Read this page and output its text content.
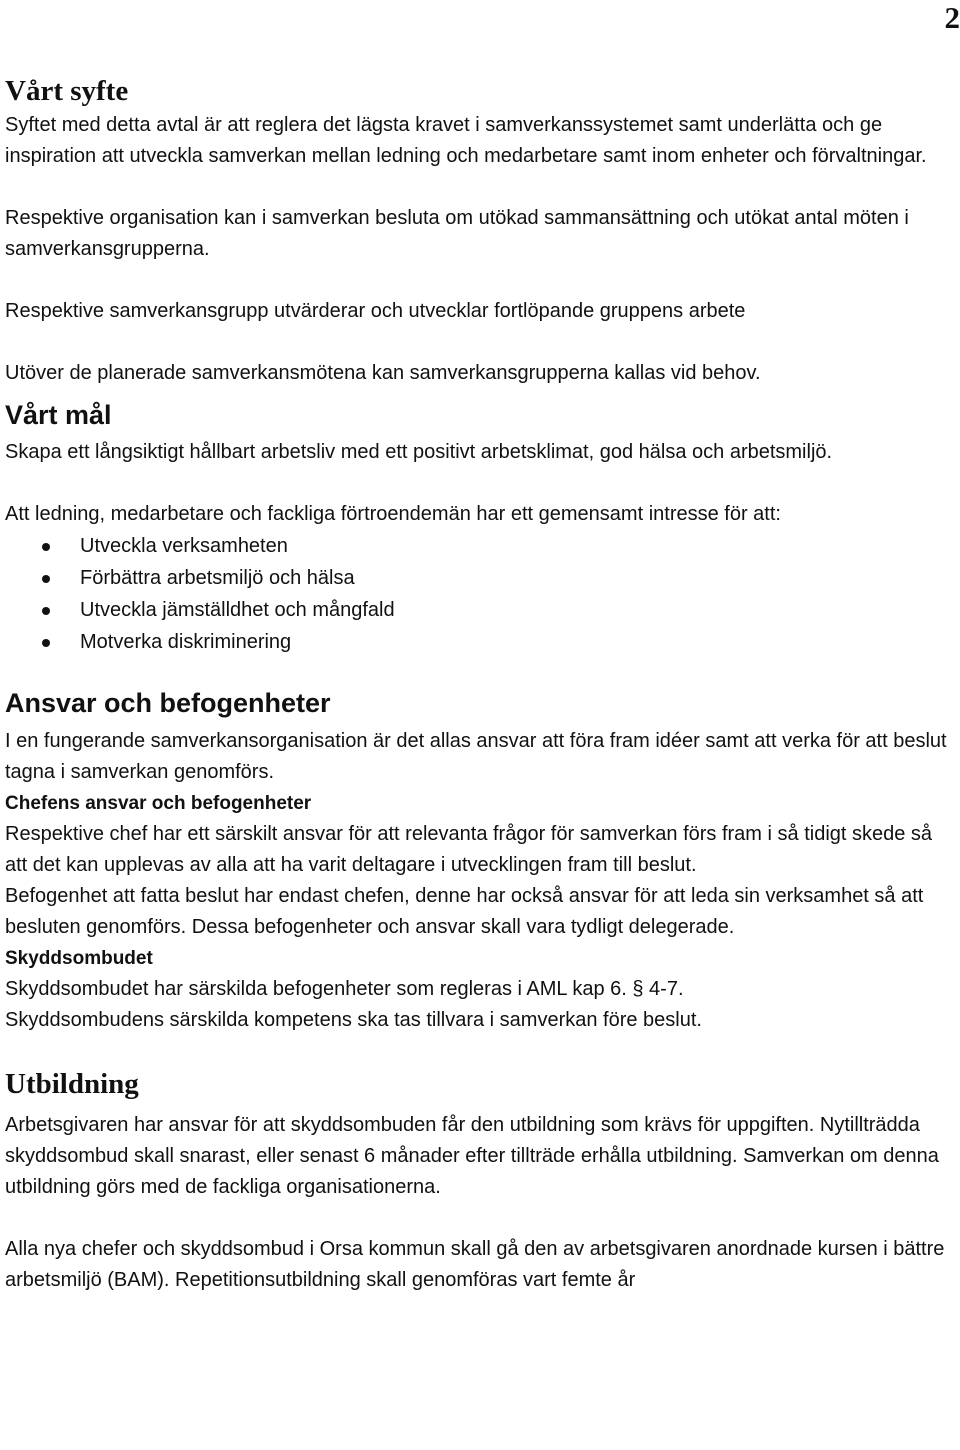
2
Vårt syfte

Syftet med detta avtal är att reglera det lägsta kravet i samverkanssystemet samt underlätta och ge inspiration att utveckla samverkan mellan ledning och medarbetare samt inom enheter och förvaltningar.

Respektive organisation kan i samverkan besluta om utökad sammansättning och utökat antal möten i samverkansgrupperna.

Respektive samverkansgrupp utvärderar och utvecklar fortlöpande gruppens arbete

Utöver de planerade samverkansmötena kan samverkansgrupperna kallas vid behov.

Vårt mål

Skapa ett långsiktigt hållbart arbetsliv med ett positivt arbetsklimat, god hälsa och arbetsmiljö.

Att ledning, medarbetare och fackliga förtroendemän har ett gemensamt intresse för att:

Utveckla verksamheten
Förbättra arbetsmiljö och hälsa
Utveckla jämställdhet och mångfald
Motverka diskriminering
Ansvar och befogenheter

I en fungerande samverkansorganisation är det allas ansvar att föra fram idéer samt att verka för att beslut tagna i samverkan genomförs.

Chefens ansvar och befogenheter

Respektive chef har ett särskilt ansvar för att relevanta frågor för samverkan förs fram i så tidigt skede så att det kan upplevas av alla att ha varit deltagare i utvecklingen fram till beslut.

Befogenhet att fatta beslut har endast chefen, denne har också ansvar för att leda sin verksamhet så att besluten genomförs. Dessa befogenheter och ansvar skall vara tydligt delegerade.

Skyddsombudet

Skyddsombudet har särskilda befogenheter som regleras i AML kap 6. § 4-7.

Skyddsombudens särskilda kompetens ska tas tillvara i samverkan före beslut.

Utbildning

Arbetsgivaren har ansvar för att skyddsombuden får den utbildning som krävs för uppgiften. Nytillträdda skyddsombud skall snarast, eller senast 6 månader efter tillträde erhålla utbildning. Samverkan om denna utbildning görs med de fackliga organisationerna.

Alla nya chefer och skyddsombud i Orsa kommun skall gå den av arbetsgivaren anordnade kursen i bättre arbetsmiljö (BAM). Repetitionsutbildning skall genomföras vart femte år
